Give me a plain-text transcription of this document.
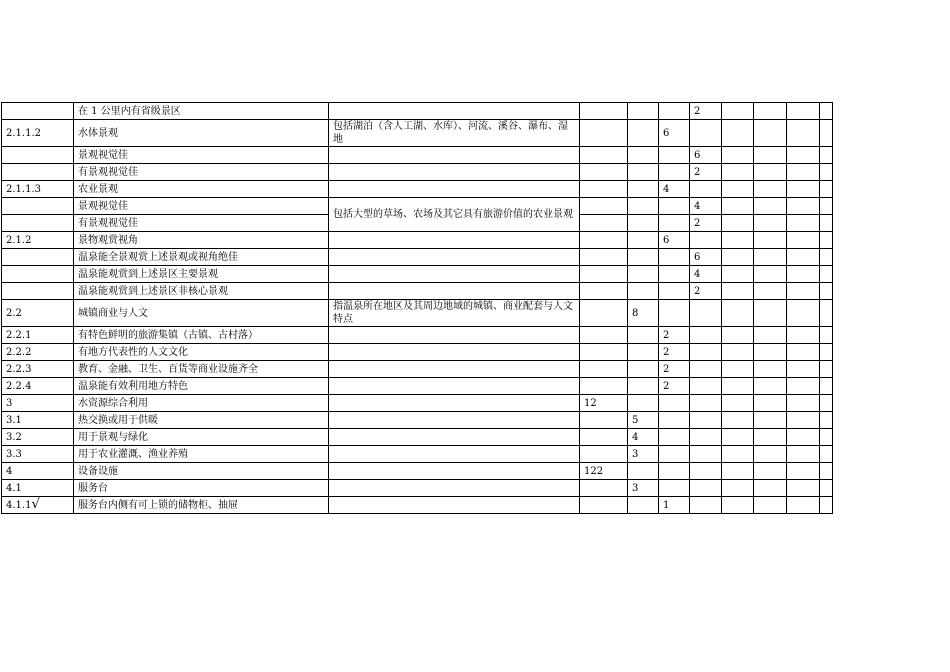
	在 1 公里内有省级景区					2				
2.1.1.2	水体景观	包括湖泊（含人工湖、水库）、河流、溪谷、瀑布、湿地			6					
	景观视觉佳					6				
	有景观视觉佳					2				
2.1.1.3	农业景观				4					
	景观视觉佳	包括大型的草场、农场及其它具有旅游价值的农业景观				4				
	有景观视觉佳					2				
2.1.2	景物观赏视角				6					
	温泉能全景观赏上述景观或视角绝佳					6				
	温泉能观赏到上述景区主要景观					4				
	温泉能观赏到上述景区非核心景观					2				
2.2	城镇商业与人文	指温泉所在地区及其周边地域的城镇、商业配套与人文特点		8						
2.2.1	有特色鲜明的旅游集镇（古镇、古村落）				2					
2.2.2	有地方代表性的人文文化				2					
2.2.3	教育、金融、卫生、百货等商业设施齐全				2					
2.2.4	温泉能有效利用地方特色				2					
3	水资源综合利用		12							
3.1	热交换或用于供暖			5						
3.2	用于景观与绿化			4						
3.3	用于农业灌溉、渔业养殖			3						
4	设备设施		122							
4.1	服务台			3						
4.1.1√	服务台内侧有可上锁的储物柜、抽屉				1					
